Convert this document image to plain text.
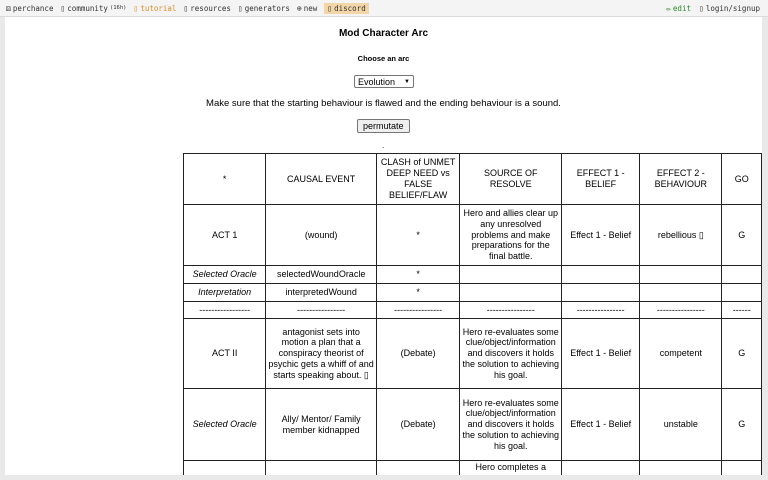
⚄ perchance ▯ community (16h) ▯ tutorial ▯ resources ▯ generators ⊕ new ▯ discord	✏ edit ▯ login/signup
Mod Character Arc
Choose an arc
Evolution ▼
Make sure that the starting behaviour is flawed and the ending behaviour is a sound.
permutate
.
*	CAUSAL EVENT	CLASH of UNMET DEEP NEED vs FALSE BELIEF/FLAW	SOURCE OF RESOLVE	EFFECT 1 - BELIEF	EFFECT 2 - BEHAVIOUR	GO
ACT 1	(wound)	*	Hero and allies clear up any unresolved problems and make preparations for the final battle.	Effect 1 - Belief	rebellious ▯	G
Selected Oracle	selectedWoundOracle	*				
Interpretation	interpretedWound	*				
-----------------	----------------	----------------	----------------	----------------	----------------	------
ACT II	antagonist sets into motion a plan that a conspiracy theorist of psychic gets a whiff of and starts speaking about. ▯	(Debate)	Hero re-evaluates some clue/object/information and discovers it holds the solution to achieving his goal.	Effect 1 - Belief	competent	G
Selected Oracle	Ally/ Mentor/ Family member kidnapped	(Debate)	Hero re-evaluates some clue/object/information and discovers it holds the solution to achieving his goal.	Effect 1 - Belief	unstable	G
			Hero completes a			
